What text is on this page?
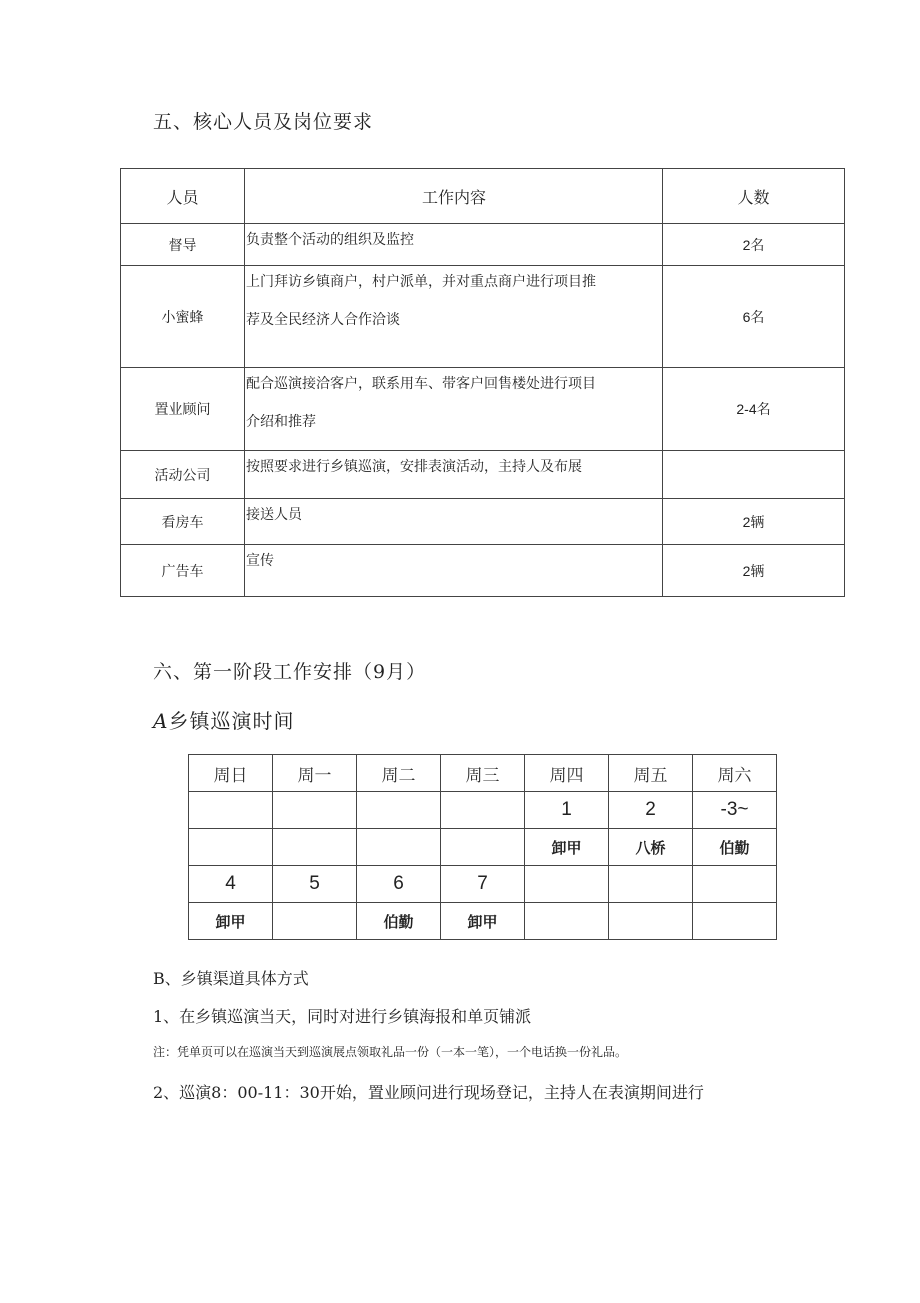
五、核心人员及岗位要求
人员	工作内容	人数
督导	负责整个活动的组织及监控	2名
小蜜蜂	上门拜访乡镇商户，村户派单，并对重点商户进行项目推
荐及全民经济人合作洽谈	6名
置业顾问	配合巡演接洽客户，联系用车、带客户回售楼处进行项目
介绍和推荐	2-4名
活动公司	按照要求进行乡镇巡演，安排表演活动，主持人及布展	

看房车	接送人员	2辆
广告车	宣传	2辆
六、第一阶段工作安排（9月）
A乡镇巡演时间
周日	周一	周二	周三	周四	周五	周六
				1	2	-3~
				卸甲	八桥	伯勤
4	5	6	7			
卸甲		伯勤	卸甲			

B、乡镇渠道具体方式

1、在乡镇巡演当天，同时对进行乡镇海报和单页铺派

注：凭单页可以在巡演当天到巡演展点领取礼品一份（一本一笔），一个电话换一份礼品。

2、巡演8：00-11：30开始，置业顾问进行现场登记，主持人在表演期间进行
